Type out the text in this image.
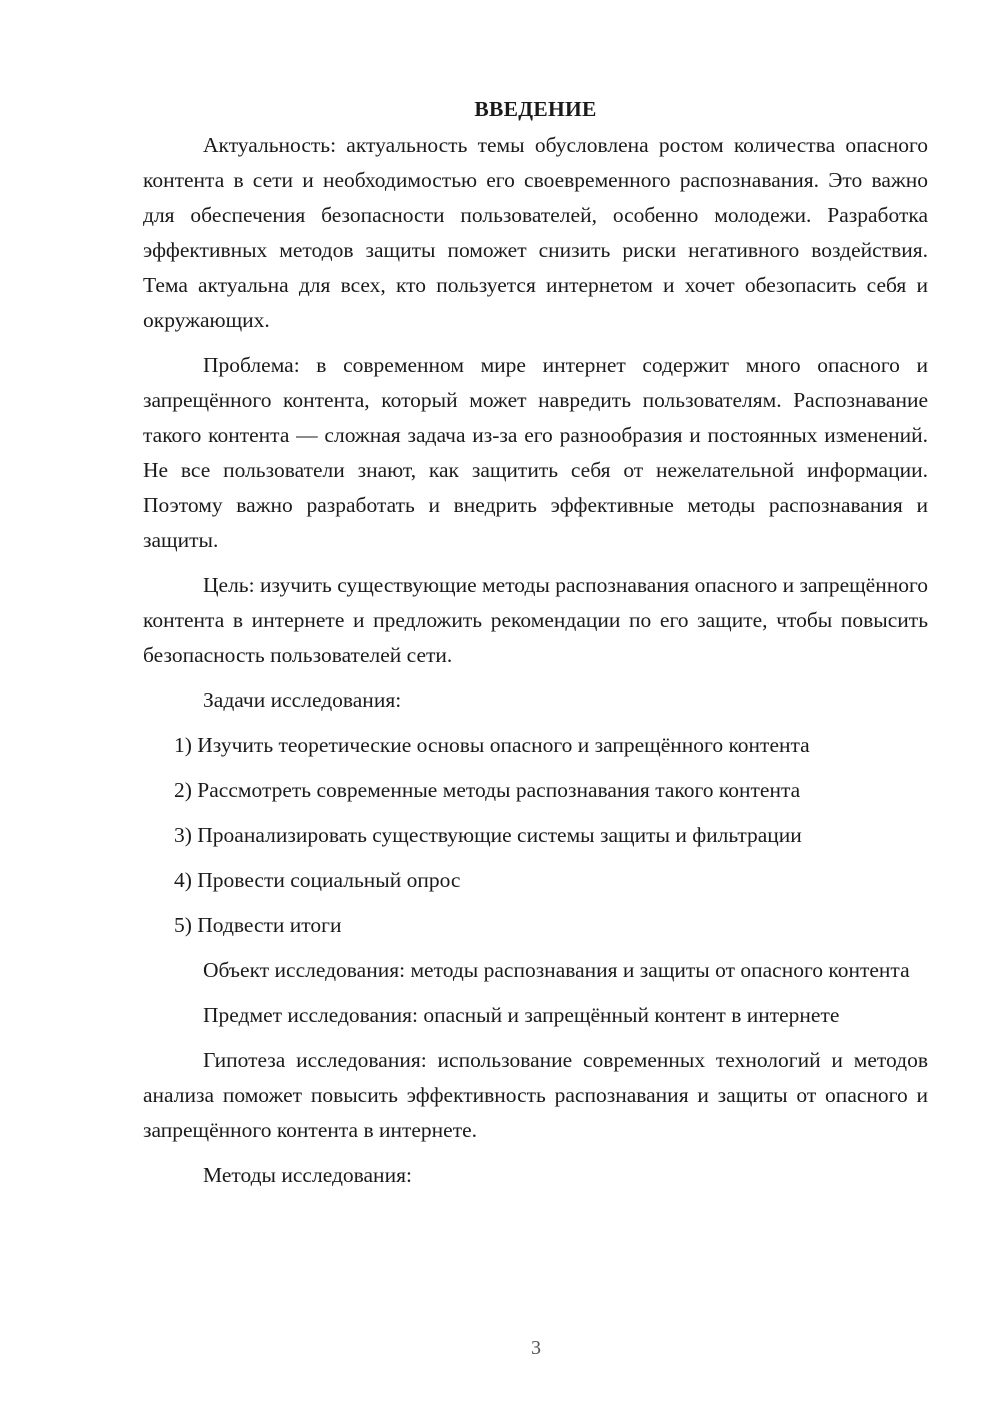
ВВЕДЕНИЕ

Актуальность: актуальность темы обусловлена ростом количества опасного контента в сети и необходимостью его своевременного распознавания. Это важно для обеспечения безопасности пользователей, особенно молодежи. Разработка эффективных методов защиты поможет снизить риски негативного воздействия. Тема актуальна для всех, кто пользуется интернетом и хочет обезопасить себя и окружающих.

Проблема: в современном мире интернет содержит много опасного и запрещённого контента, который может навредить пользователям. Распознавание такого контента — сложная задача из-за его разнообразия и постоянных изменений. Не все пользователи знают, как защитить себя от нежелательной информации. Поэтому важно разработать и внедрить эффективные методы распознавания и защиты.

Цель: изучить существующие методы распознавания опасного и запрещённого контента в интернете и предложить рекомендации по его защите, чтобы повысить безопасность пользователей сети.

Задачи исследования:

1) Изучить теоретические основы опасного и запрещённого контента
2) Рассмотреть современные методы распознавания такого контента
3) Проанализировать существующие системы защиты и фильтрации
4) Провести социальный опрос
5) Подвести итоги

Объект исследования: методы распознавания и защиты от опасного контента

Предмет исследования: опасный и запрещённый контент в интернете

Гипотеза исследования: использование современных технологий и методов анализа поможет повысить эффективность распознавания и защиты от опасного и запрещённого контента в интернете.

Методы исследования:

3
